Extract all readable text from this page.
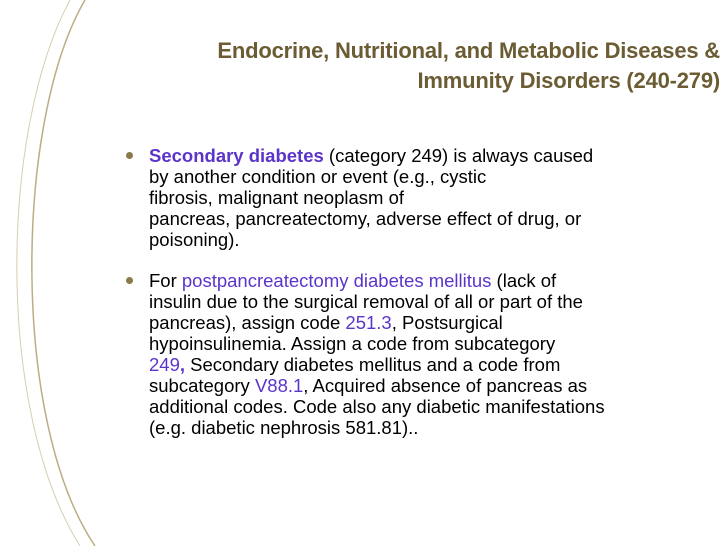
Endocrine, Nutritional, and Metabolic Diseases &
Immunity Disorders (240-279)
Secondary diabetes (category 249) is always caused
by another condition or event (e.g., cystic
fibrosis, malignant neoplasm of
pancreas, pancreatectomy, adverse effect of drug, or
poisoning).
For postpancreatectomy diabetes mellitus (lack of
insulin due to the surgical removal of all or part of the
pancreas), assign code 251.3, Postsurgical
hypoinsulinemia. Assign a code from subcategory
249, Secondary diabetes mellitus and a code from
subcategory V88.1, Acquired absence of pancreas as
additional codes. Code also any diabetic manifestations
(e.g. diabetic nephrosis 581.81)..
